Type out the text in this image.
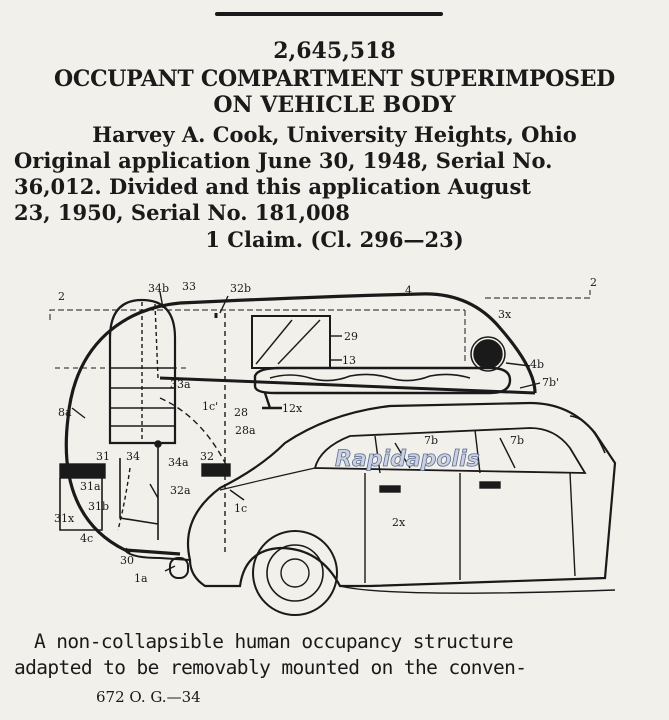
2,645,518
OCCUPANT COMPARTMENT SUPERIMPOSED
ON VEHICLE BODY
Harvey A. Cook, University Heights, Ohio
Original application June 30, 1948, Serial No.
36,012. Divided and this application August
23, 1950, Serial No. 181,008
1 Claim. (Cl. 296—23)
34b 33	32b	4
2
2
3x
29
13	4b
7b'
33a
1c'
8a	28	12x
28a
7b	7b
34	34a 32
31
31a
31b
32a
31x
1c
2x
4c
30
1a
Rapidapolis
A non-collapsible human occupancy structure
adapted to be removably mounted on the conven-
672 O. G.—34
